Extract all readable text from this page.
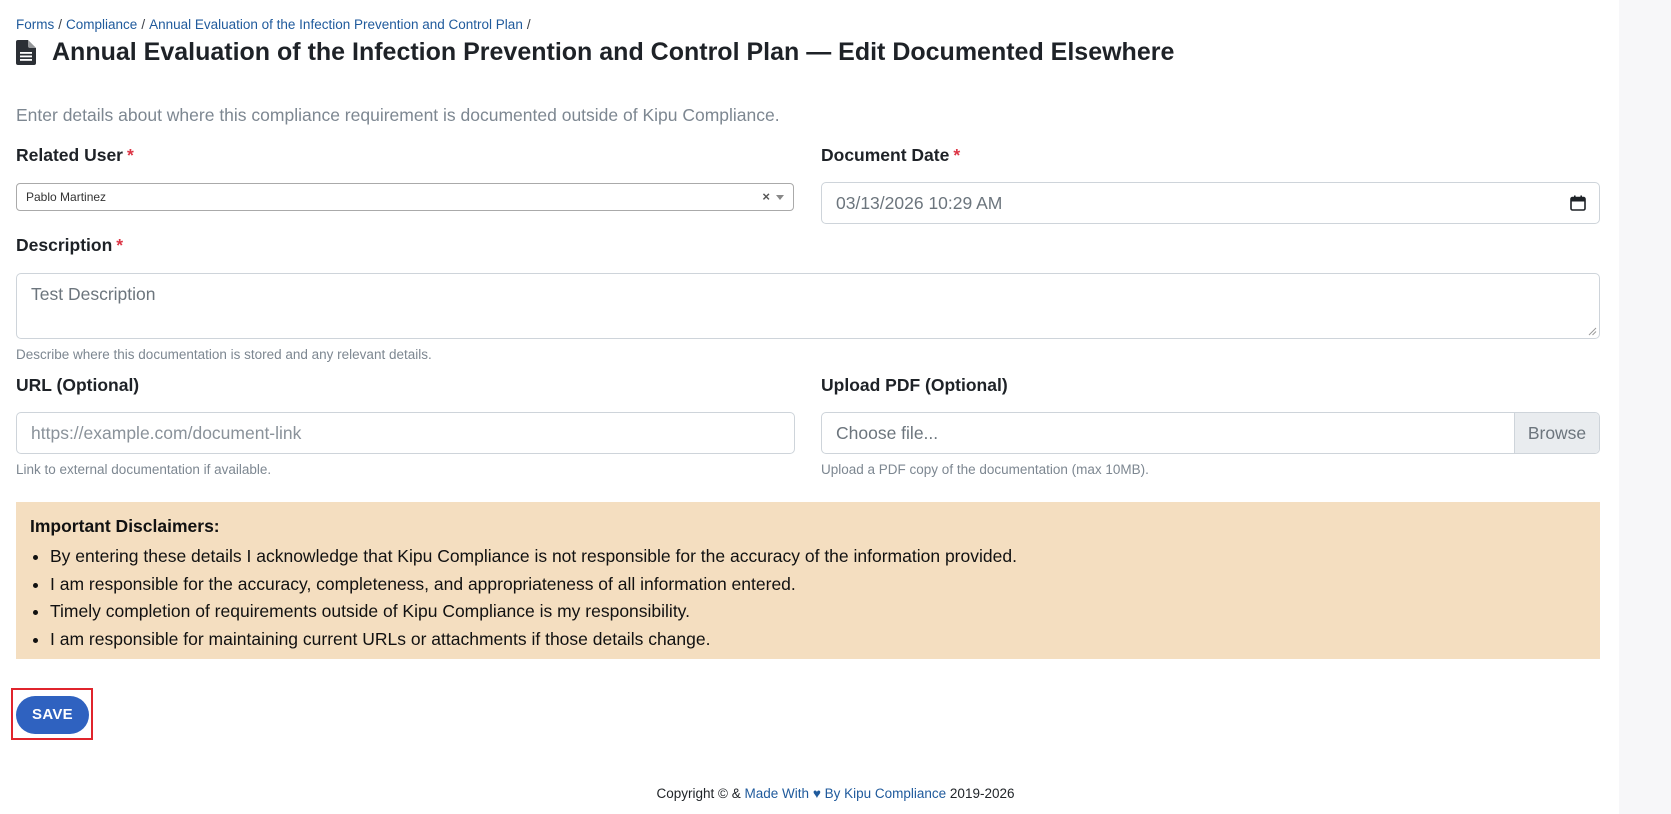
Forms / Compliance / Annual Evaluation of the Infection Prevention and Control Plan /
Annual Evaluation of the Infection Prevention and Control Plan — Edit Documented Elsewhere
Enter details about where this compliance requirement is documented outside of Kipu Compliance.
Related User *
Pablo Martinez	×
Document Date *
03/13/2026 10:29 AM
Description *
Test Description
Describe where this documentation is stored and any relevant details.
URL (Optional)
https://example.com/document-link
Link to external documentation if available.
Upload PDF (Optional)
Choose file...	Browse
Upload a PDF copy of the documentation (max 10MB).
Important Disclaimers:
• By entering these details I acknowledge that Kipu Compliance is not responsible for the accuracy of the information provided.
• I am responsible for the accuracy, completeness, and appropriateness of all information entered.
• Timely completion of requirements outside of Kipu Compliance is my responsibility.
• I am responsible for maintaining current URLs or attachments if those details change.
SAVE
Copyright © & Made With ♥ By Kipu Compliance 2019-2026
